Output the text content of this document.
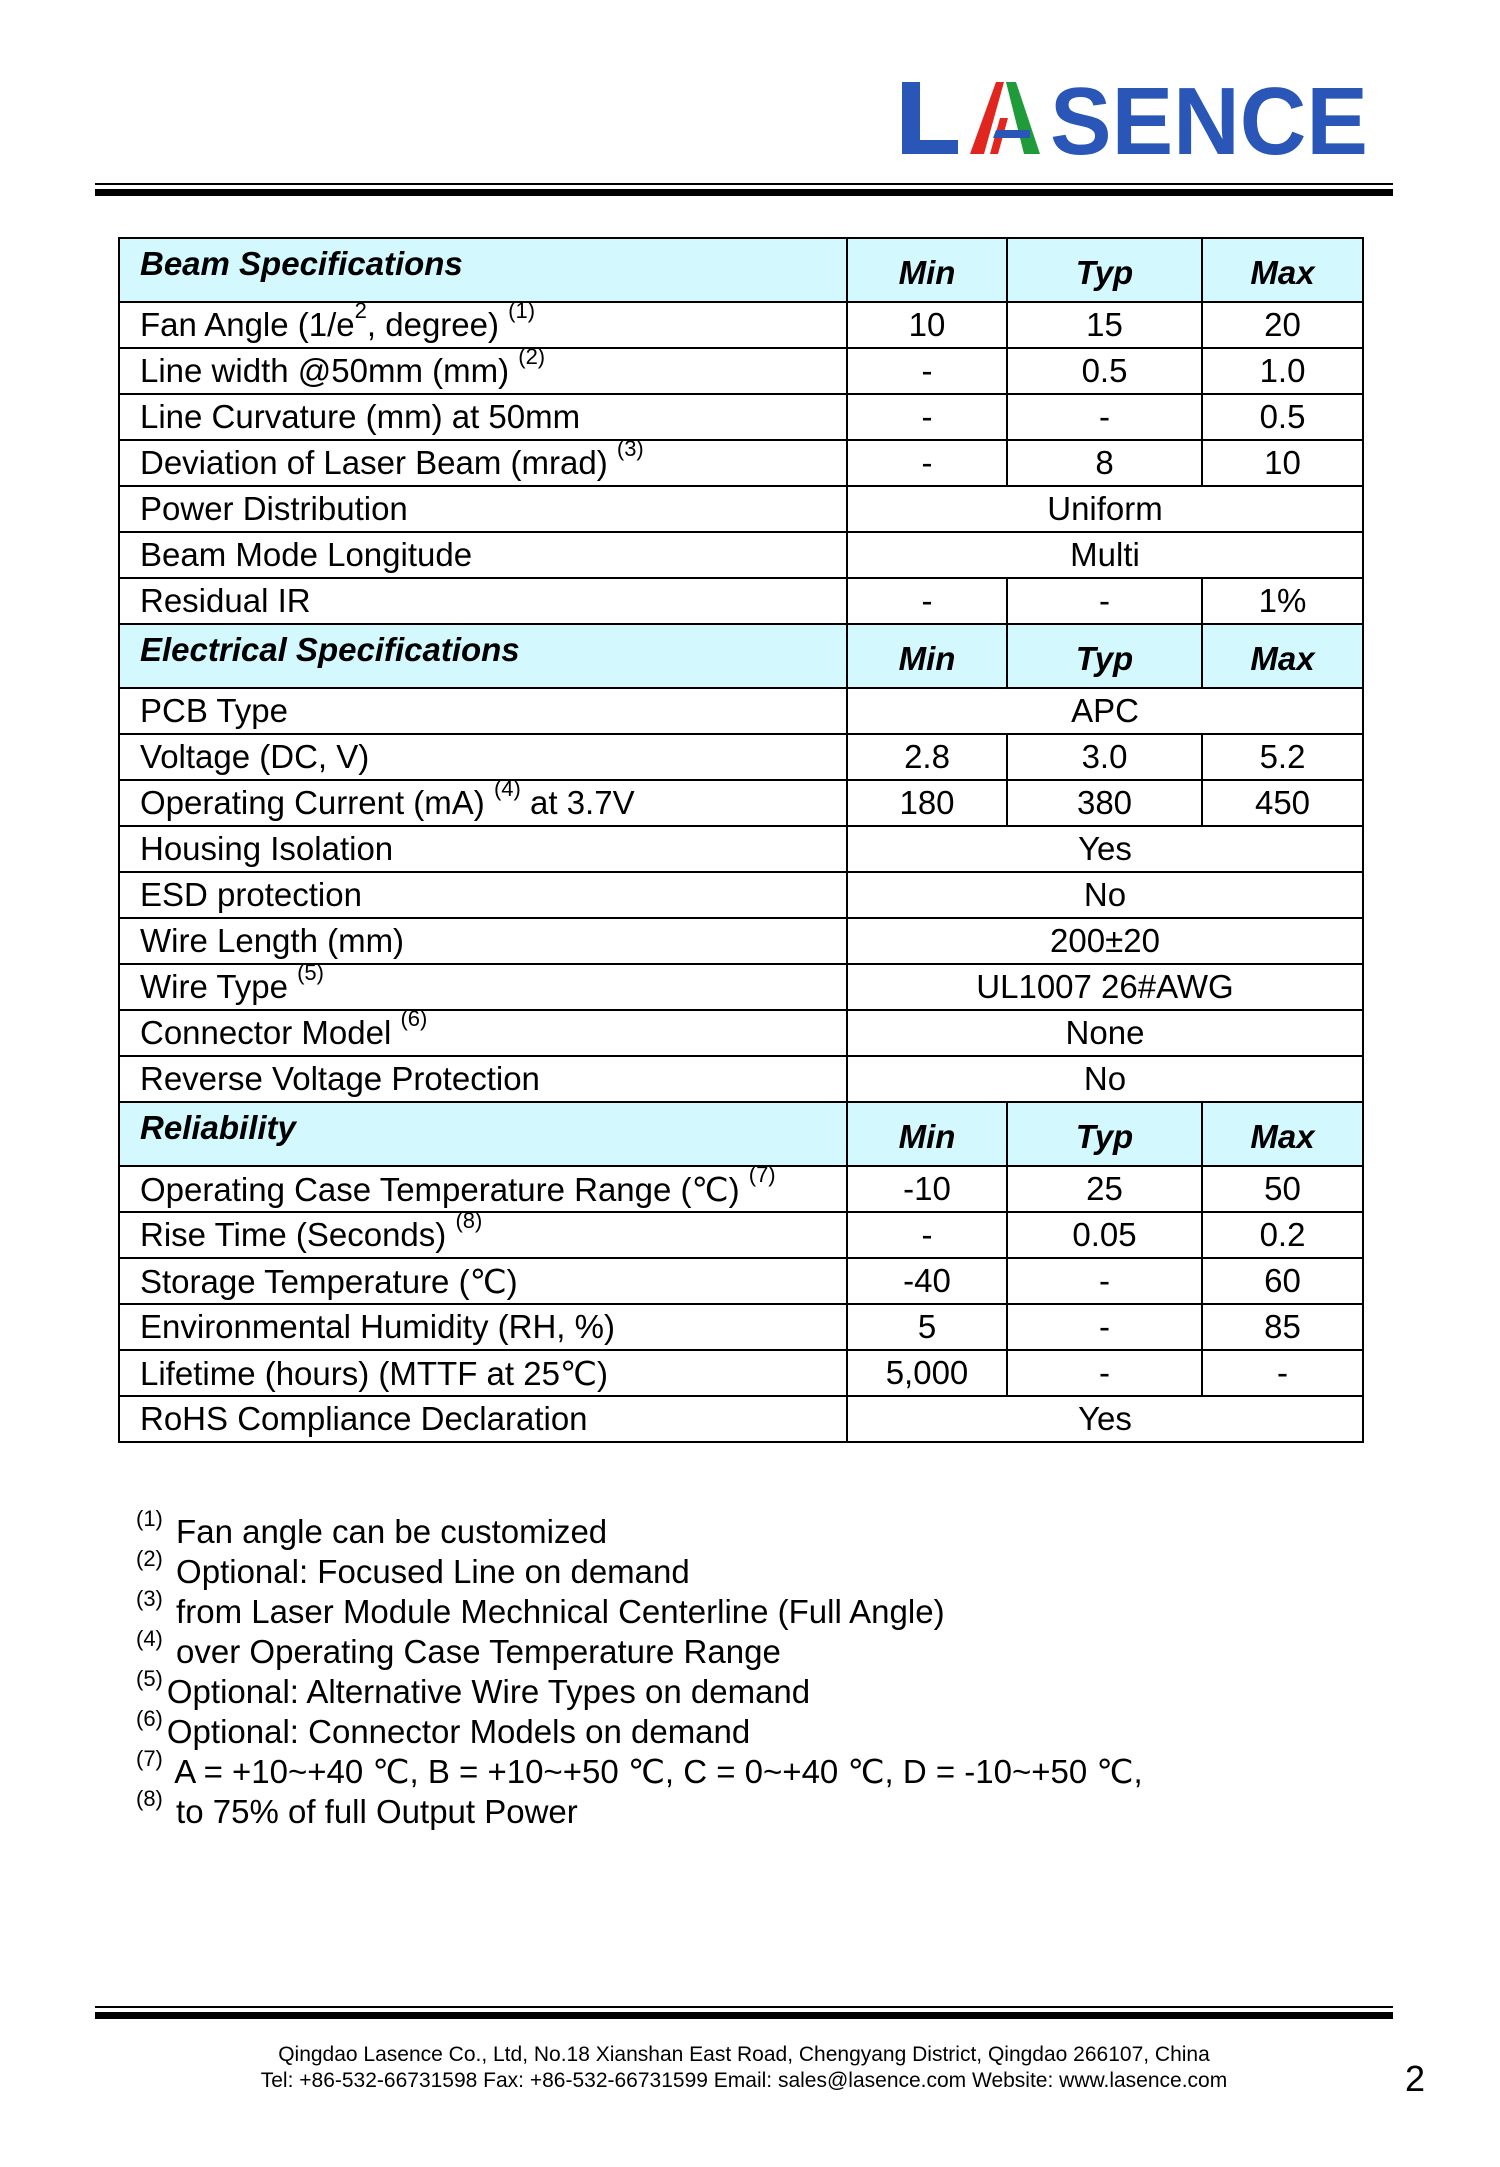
SENCE
Beam Specifications	Min	Typ	Max
Fan Angle ($1/e^2$, degree) $^{(1)}$	10	15	20
Line width @50mm (mm) $^{(2)}$	-	0.5	1.0
Line Curvature (mm) at 50mm	-	-	0.5
Deviation of Laser Beam (mrad) $^{(3)}$	-	8	10
Power Distribution	Uniform		
Beam Mode Longitude	Multi		
Residual IR	-	-	1%
Electrical Specifications	Min	Typ	Max
PCB Type	APC		
Voltage (DC, V)	2.8	3.0	5.2
Operating Current (mA) $^{(4)}$ at 3.7V	180	380	450
Housing Isolation	Yes		
ESD protection	No		
Wire Length (mm)	200±20		
Wire Type $^{(5)}$	UL1007 26#AWG		
Connector Model $^{(6)}$	None		
Reverse Voltage Protection	No		
Reliability	Min	Typ	Max
Operating Case Temperature Range (℃) $^{(7)}$	-10	25	50
Rise Time (Seconds) $^{(8)}$	-	0.05	0.2
Storage Temperature (℃)	-40	-	60
Environmental Humidity (RH, %)	5	-	85
Lifetime (hours) (MTTF at 25℃)	5,000	-	-
RoHS Compliance Declaration	Yes		
$^{(1)}$ Fan angle can be customized
$^{(2)}$ Optional: Focused Line on demand
$^{(3)}$ from Laser Module Mechnical Centerline (Full Angle)
$^{(4)}$ over Operating Case Temperature Range
$^{(5)}$ Optional: Alternative Wire Types on demand
$^{(6)}$ Optional: Connector Models on demand
$^{(7)}$ A = +10~+40 ℃, B = +10~+50 ℃, C = 0~+40 ℃, D = -10~+50 ℃,
$^{(8)}$ to 75% of full Output Power
Qingdao Lasence Co., Ltd, No.18 Xianshan East Road, Chengyang District, Qingdao 266107, China
Tel: +86-532-66731598 Fax: +86-532-66731599 Email: sales@lasence.com Website: www.lasence.com	2
